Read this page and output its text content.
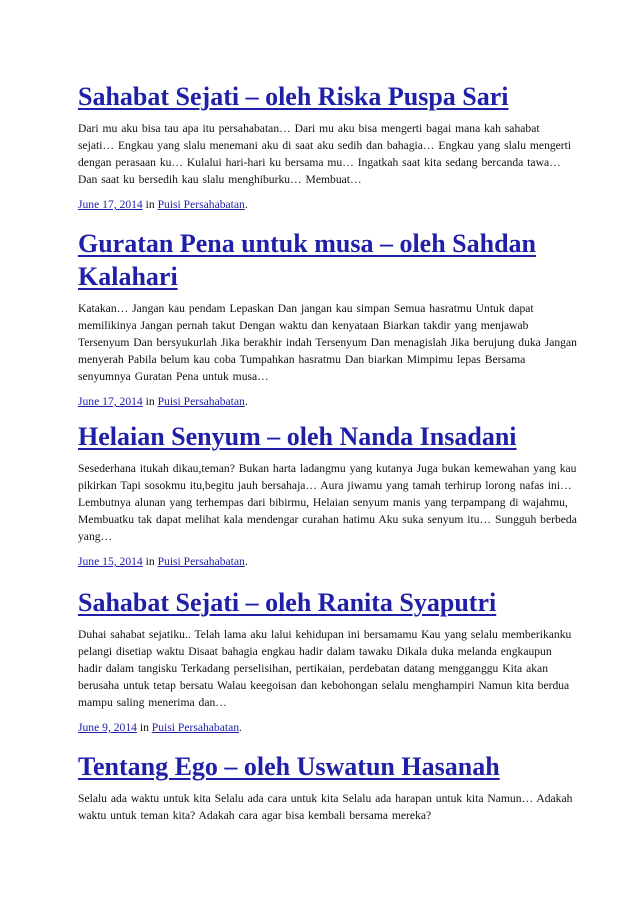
Sahabat Sejati – oleh Riska Puspa Sari

Dari mu aku bisa tau apa itu persahabatan… Dari mu aku bisa mengerti bagai mana kah sahabat sejati… Engkau yang slalu menemani aku di saat aku sedih dan bahagia… Engkau yang slalu mengerti dengan perasaan ku… Kulalui hari-hari ku bersama mu… Ingatkah saat kita sedang bercanda tawa… Dan saat ku bersedih kau slalu menghiburku… Membuat…

June 17, 2014 in Puisi Persahabatan.

Guratan Pena untuk musa – oleh Sahdan Kalahari

Katakan… Jangan kau pendam Lepaskan Dan jangan kau simpan Semua hasratmu Untuk dapat memilikinya Jangan pernah takut Dengan waktu dan kenyataan Biarkan takdir yang menjawab Tersenyum Dan bersyukurlah Jika berakhir indah Tersenyum Dan menagislah Jika berujung duka Jangan menyerah Pabila belum kau coba Tumpahkan hasratmu Dan biarkan Mimpimu lepas Bersama senyumnya Guratan Pena untuk musa…

June 17, 2014 in Puisi Persahabatan.

Helaian Senyum – oleh Nanda Insadani

Sesederhana itukah dikau,teman? Bukan harta ladangmu yang kutanya Juga bukan kemewahan yang kau pikirkan Tapi sosokmu itu,begitu jauh bersahaja… Aura jiwamu yang tamah terhirup lorong nafas ini… Lembutnya alunan yang terhempas dari bibirmu, Helaian senyum manis yang terpampang di wajahmu, Membuatku tak dapat melihat kala mendengar curahan hatimu Aku suka senyum itu… Sungguh berbeda yang…

June 15, 2014 in Puisi Persahabatan.

Sahabat Sejati – oleh Ranita Syaputri

Duhai sahabat sejatiku.. Telah lama aku lalui kehidupan ini bersamamu Kau yang selalu memberikanku pelangi disetiap waktu Disaat bahagia engkau hadir dalam tawaku Dikala duka melanda engkaupun hadir dalam tangisku Terkadang perselisihan, pertikaian, perdebatan datang mengganggu Kita akan berusaha untuk tetap bersatu Walau keegoisan dan kebohongan selalu menghampiri Namun kita berdua mampu saling menerima dan…

June 9, 2014 in Puisi Persahabatan.

Tentang Ego – oleh Uswatun Hasanah

Selalu ada waktu untuk kita Selalu ada cara untuk kita Selalu ada harapan untuk kita Namun… Adakah waktu untuk teman kita? Adakah cara agar bisa kembali bersama mereka?
